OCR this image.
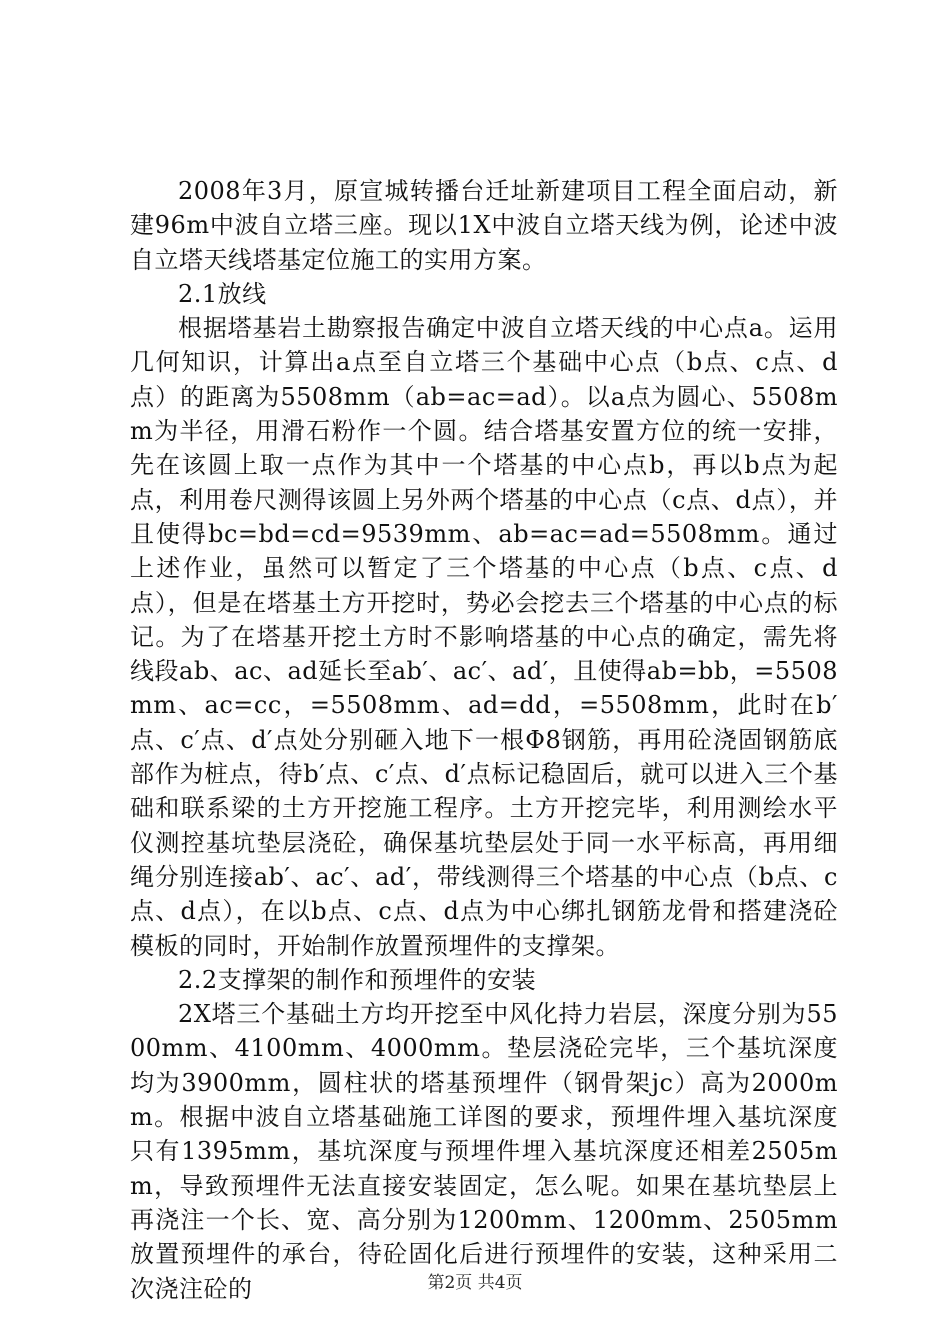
2008年3月，原宣城转播台迁址新建项目工程全面启动，新建96m中波自立塔三座。现以1X中波自立塔天线为例，论述中波自立塔天线塔基定位施工的实用方案。

2.1放线

根据塔基岩土勘察报告确定中波自立塔天线的中心点a。运用几何知识，计算出a点至自立塔三个基础中心点（b点、c点、d点）的距离为5508mm（ab=ac=ad）。以a点为圆心、5508mm为半径，用滑石粉作一个圆。结合塔基安置方位的统一安排，先在该圆上取一点作为其中一个塔基的中心点b，再以b点为起点，利用卷尺测得该圆上另外两个塔基的中心点（c点、d点），并且使得bc=bd=cd=9539mm、ab=ac=ad=5508mm。通过上述作业，虽然可以暂定了三个塔基的中心点（b点、c点、d点），但是在塔基土方开挖时，势必会挖去三个塔基的中心点的标记。为了在塔基开挖土方时不影响塔基的中心点的确定，需先将线段ab、ac、ad延长至ab′、ac′、ad′，且使得ab=bb，=5508mm、ac=cc，=5508mm、ad=dd，=5508mm，此时在b′点、c′点、d′点处分别砸入地下一根Φ8钢筋，再用砼浇固钢筋底部作为桩点，待b′点、c′点、d′点标记稳固后，就可以进入三个基础和联系梁的土方开挖施工程序。土方开挖完毕，利用测绘水平仪测控基坑垫层浇砼，确保基坑垫层处于同一水平标高，再用细绳分别连接ab′、ac′、ad′，带线测得三个塔基的中心点（b点、c点、d点），在以b点、c点、d点为中心绑扎钢筋龙骨和搭建浇砼模板的同时，开始制作放置预埋件的支撑架。

2.2支撑架的制作和预埋件的安装

2X塔三个基础土方均开挖至中风化持力岩层，深度分别为5500mm、4100mm、4000mm。垫层浇砼完毕，三个基坑深度均为3900mm，圆柱状的塔基预埋件（钢骨架jc）高为2000mm。根据中波自立塔基础施工详图的要求，预埋件埋入基坑深度只有1395mm，基坑深度与预埋件埋入基坑深度还相差2505mm，导致预埋件无法直接安装固定，怎么呢。如果在基坑垫层上再浇注一个长、宽、高分别为1200mm、1200mm、2505mm放置预埋件的承台，待砼固化后进行预埋件的安装，这种采用二次浇注砼的	第2页 共4页
